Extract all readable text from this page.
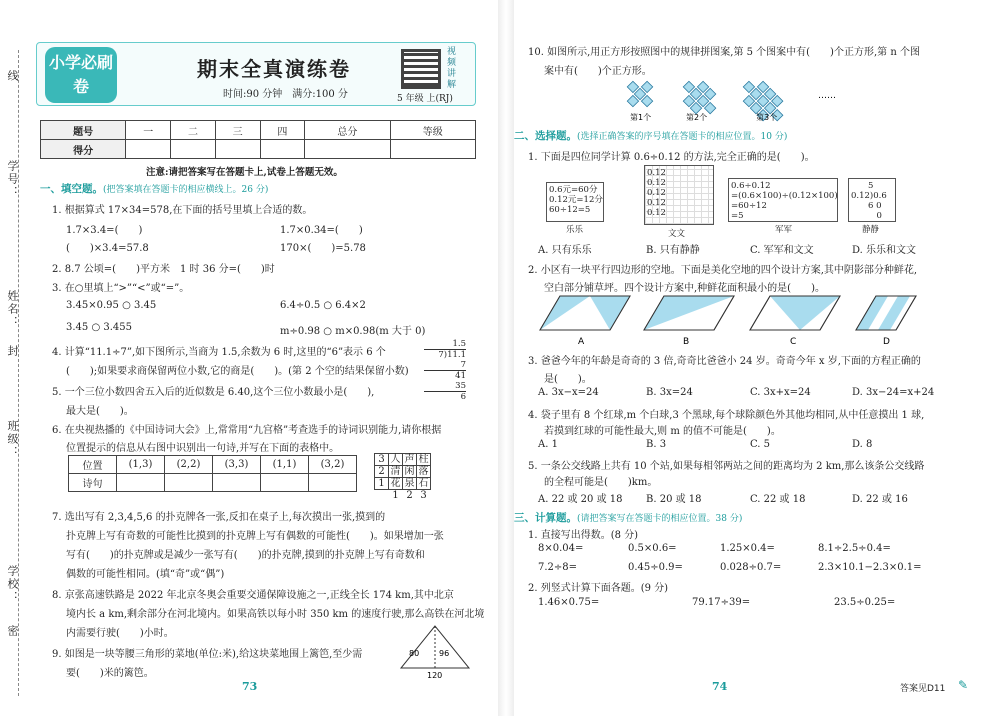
线
学号：
姓名：
封
班级：
学校：
密
小学必刷卷
期末全真演练卷
时间:90 分钟　满分:100 分
视频讲解
5 年级 上(RJ)
题号	一	二	三	四	总分	等级
得分						
注意:请把答案写在答题卡上,试卷上答题无效。
一、填空题。(把答案填在答题卡的相应横线上。26 分)
1. 根据算式 17×34=578,在下面的括号里填上合适的数。
1.7×3.4=(　　)	1.7×0.34=(　　)
(　　)×3.4=57.8	170×(　　)=5.78
2. 8.7 公顷=(　　)平方米　1 时 36 分=(　　)时
3. 在○里填上“>”“<”或“=”。
3.45×0.95 ○ 3.45	6.4÷0.5 ○ 6.4×2
3.4̇5̇ ○ 3.455	m÷0.98 ○ m×0.98(m 大于 0)
4. 计算“11.1÷7”,如下图所示,当商为 1.5,余数为 6 时,这里的“6”表示 6 个
(　　);如果要求商保留两位小数,它的商是(　　)。(第 2 个空的结果保留小数)
1.5
7)11.1
7
41
35
6
5. 一个三位小数四舍五入后的近似数是 6.40,这个三位小数最小是(　　),
最大是(　　)。
6. 在央视热播的《中国诗词大会》上,常常用“九宫格”考查选手的诗词识别能力,请你根据
位置提示的信息从右图中识别出一句诗,并写在下面的表格中。
位置	(1,3)	(2,2)	(3,3)	(1,1)	(3,2)
诗句					
3	人	声	柱
2	清	闲	落
1	花	泉	石
	1	2	3
7. 选出写有 2,3,4,5,6 的扑克牌各一张,反扣在桌子上,每次摸出一张,摸到的
扑克牌上写有奇数的可能性比摸到的扑克牌上写有偶数的可能性(　　)。如果增加一张
写有(　　)的扑克牌或是减少一张写有(　　)的扑克牌,摸到的扑克牌上写有奇数和
偶数的可能性相同。(填“奇”或“偶”)
8. 京张高速铁路是 2022 年北京冬奥会重要交通保障设施之一,正线全长 174 km,其中北京
境内长 a km,剩余部分在河北境内。如果高铁以每小时 350 km 的速度行驶,那么高铁在河北境
内需要行驶(　　)小时。
9. 如图是一块等腰三角形的菜地(单位:米),给这块菜地围上篱笆,至少需
要(　　)米的篱笆。
80 96
120
73
10. 如图所示,用正方形按照图中的规律拼图案,第 5 个图案中有(　　)个正方形,第 n 个图
案中有(　　)个正方形。
第1个	第2个	第3个
……
二、选择题。(选择正确答案的序号填在答题卡的相应位置。10 分)
1. 下面是四位同学计算 0.6÷0.12 的方法,完全正确的是(　　)。
0.6元=60分
0.12元=12分
60÷12=5
0.12
0.12
0.12
0.12
0.12
0.6÷0.12
=(0.6×100)÷(0.12×100)
=60÷12
=5
　　5
0.12)0.6
　　6 0
　　　0
乐乐	文文	军军	静静
A. 只有乐乐	B. 只有静静	C. 军军和文文	D. 乐乐和文文
2. 小区有一块平行四边形的空地。下面是美化空地的四个设计方案,其中阴影部分种鲜花,
空白部分铺草坪。四个设计方案中,种鲜花面积最小的是(　　)。
A	B	C	D
3. 爸爸今年的年龄是奇奇的 3 倍,奇奇比爸爸小 24 岁。奇奇今年 x 岁,下面的方程正确的
是(　　)。
A. 3x−x=24	B. 3x=24	C. 3x+x=24	D. 3x−24=x+24
4. 袋子里有 8 个红球,m 个白球,3 个黑球,每个球除颜色外其他均相同,从中任意摸出 1 球,
若摸到红球的可能性最大,则 m 的值不可能是(　　)。
A. 1	B. 3	C. 5	D. 8
5. 一条公交线路上共有 10 个站,如果每相邻两站之间的距离均为 2 km,那么该条公交线路
的全程可能是(　　)km。
A. 22 或 20 或 18 B. 20 或 18	C. 22 或 18	D. 22 或 16
三、计算题。(请把答案写在答题卡的相应位置。38 分)
1. 直接写出得数。(8 分)
8×0.04=	0.5×0.6=	1.25×0.4=	8.1÷2.5÷0.4=
7.2÷8=	0.45÷0.9=	0.028÷0.7=	2.3×10.1−2.3×0.1=
2. 列竖式计算下面各题。(9 分)
1.46×0.75=	79.17÷39=	23.5÷0.25=
74	答案见D11 ✎
